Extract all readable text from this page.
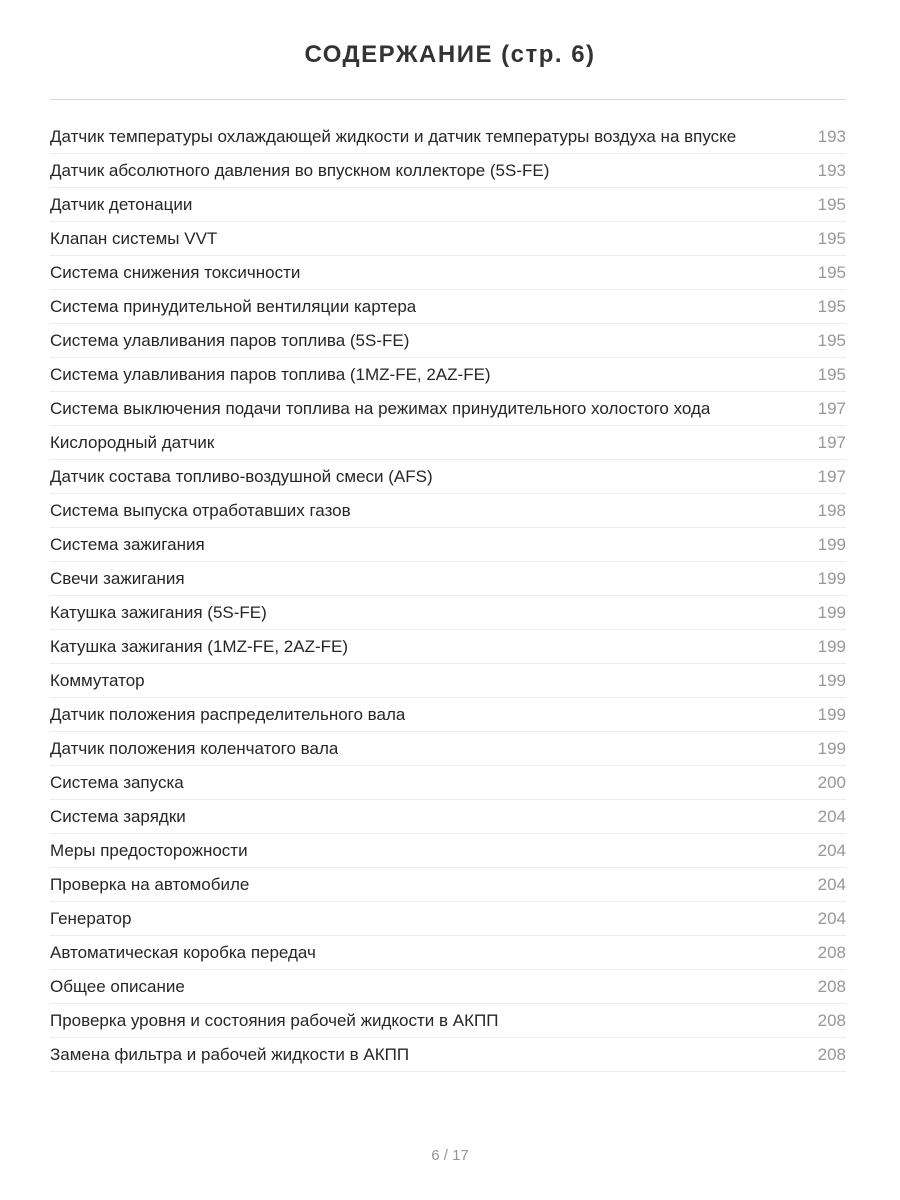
СОДЕРЖАНИЕ (стр. 6)
Датчик температуры охлаждающей жидкости и датчик температуры воздуха на впуске	193
Датчик абсолютного давления во впускном коллекторе (5S-FE)	193
Датчик детонации	195
Клапан системы VVT	195
Система снижения токсичности	195
Система принудительной вентиляции картера	195
Система улавливания паров топлива (5S-FE)	195
Система улавливания паров топлива (1MZ-FE, 2AZ-FE)	195
Система выключения подачи топлива на режимах принудительного холостого хода	197
Кислородный датчик	197
Датчик состава топливо-воздушной смеси (AFS)	197
Система выпуска отработавших газов	198
Система зажигания	199
Свечи зажигания	199
Катушка зажигания (5S-FE)	199
Катушка зажигания (1MZ-FE, 2AZ-FE)	199
Коммутатор	199
Датчик положения распределительного вала	199
Датчик положения коленчатого вала	199
Система запуска	200
Система зарядки	204
Меры предосторожности	204
Проверка на автомобиле	204
Генератор	204
Автоматическая коробка передач	208
Общее описание	208
Проверка уровня и состояния рабочей жидкости в АКПП	208
Замена фильтра и рабочей жидкости в АКПП	208
6 / 17
